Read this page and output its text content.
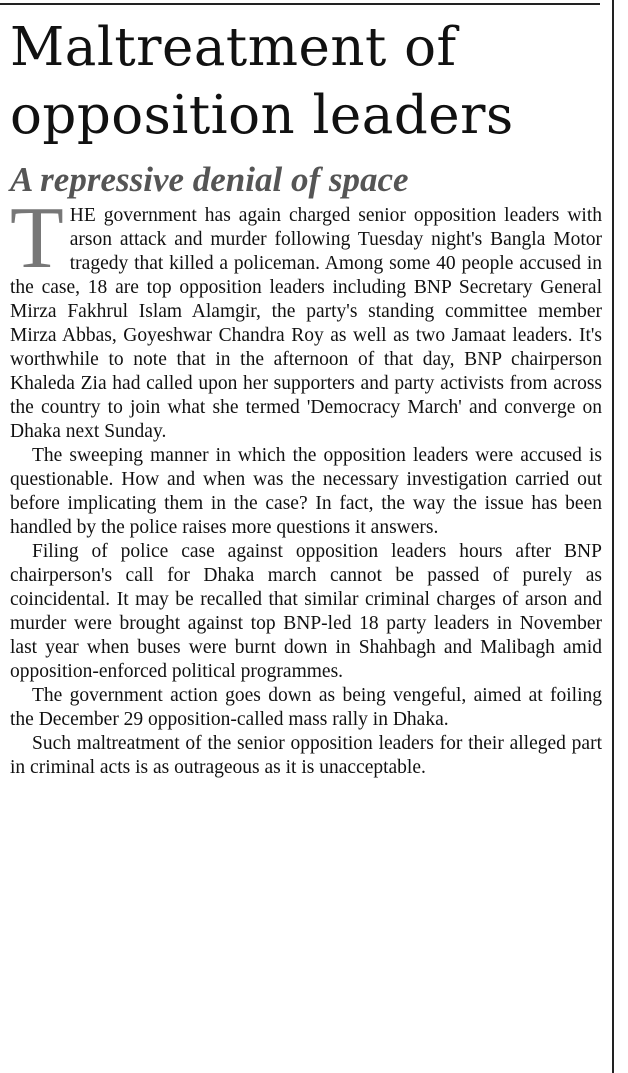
Maltreatment of opposition leaders
A repressive denial of space

THE government has again charged senior opposition leaders with arson attack and murder following Tuesday night's Bangla Motor tragedy that killed a policeman. Among some 40 people accused in the case, 18 are top opposition leaders including BNP Secretary General Mirza Fakhrul Islam Alamgir, the party's standing committee member Mirza Abbas, Goyeshwar Chandra Roy as well as two Jamaat leaders. It's worthwhile to note that in the afternoon of that day, BNP chairperson Khaleda Zia had called upon her supporters and party activists from across the country to join what she termed 'Democracy March' and converge on Dhaka next Sunday.

The sweeping manner in which the opposition leaders were accused is questionable. How and when was the necessary investigation carried out before implicating them in the case? In fact, the way the issue has been handled by the police raises more questions it answers.

Filing of police case against opposition leaders hours after BNP chairperson's call for Dhaka march cannot be passed of purely as coincidental. It may be recalled that similar criminal charges of arson and murder were brought against top BNP-led 18 party leaders in November last year when buses were burnt down in Shahbagh and Malibagh amid opposition-enforced political programmes.

The government action goes down as being vengeful, aimed at foiling the December 29 opposition-called mass rally in Dhaka.

Such maltreatment of the senior opposition leaders for their alleged part in criminal acts is as outrageous as it is unacceptable.
